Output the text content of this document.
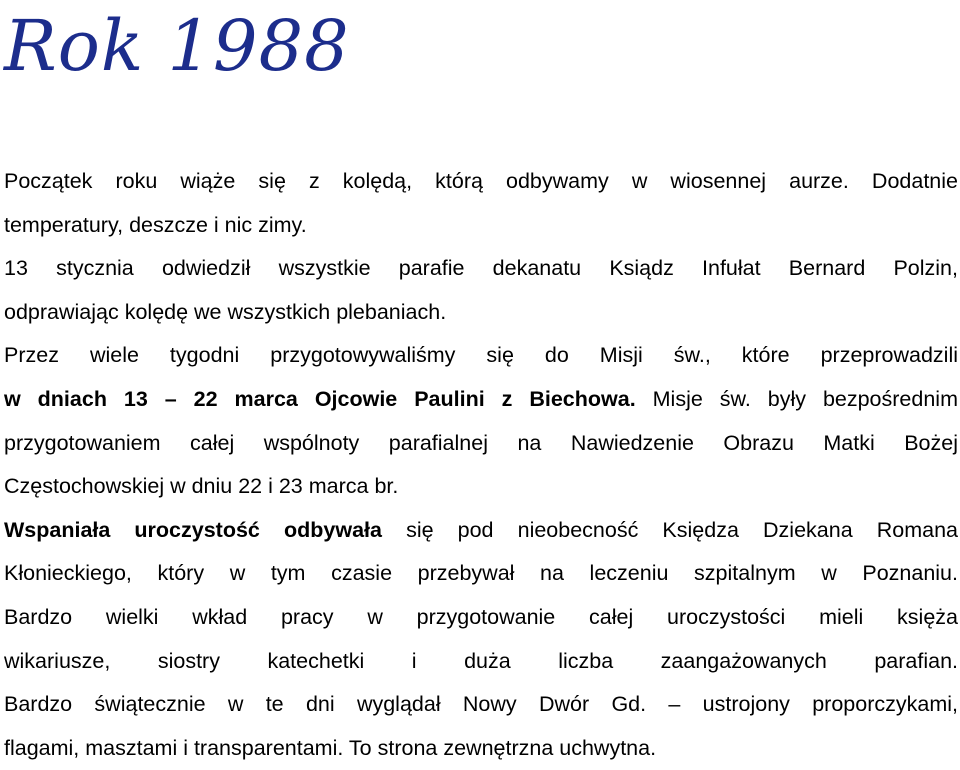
Rok 1988
Początek roku wiąże się z kolędą, którą odbywamy w wiosennej aurze. Dodatnie
temperatury, deszcze i nic zimy.
13 stycznia odwiedził wszystkie parafie dekanatu Ksiądz Infułat Bernard Polzin,
odprawiając kolędę we wszystkich plebaniach.
Przez wiele tygodni przygotowywaliśmy się do Misji św., które przeprowadzili
w dniach 13 – 22 marca Ojcowie Paulini z Biechowa. Misje św. były bezpośrednim
przygotowaniem całej wspólnoty parafialnej na Nawiedzenie Obrazu Matki Bożej
Częstochowskiej w dniu 22 i 23 marca br.
Wspaniała uroczystość odbywała się pod nieobecność Księdza Dziekana Romana
Kłonieckiego, który w tym czasie przebywał na leczeniu szpitalnym w Poznaniu.
Bardzo wielki wkład pracy w przygotowanie całej uroczystości mieli księża
wikariusze, siostry katechetki i duża liczba zaangażowanych parafian.
Bardzo świątecznie w te dni wyglądał Nowy Dwór Gd. – ustrojony proporczykami,
flagami, masztami i transparentami. To strona zewnętrzna uchwytna.
